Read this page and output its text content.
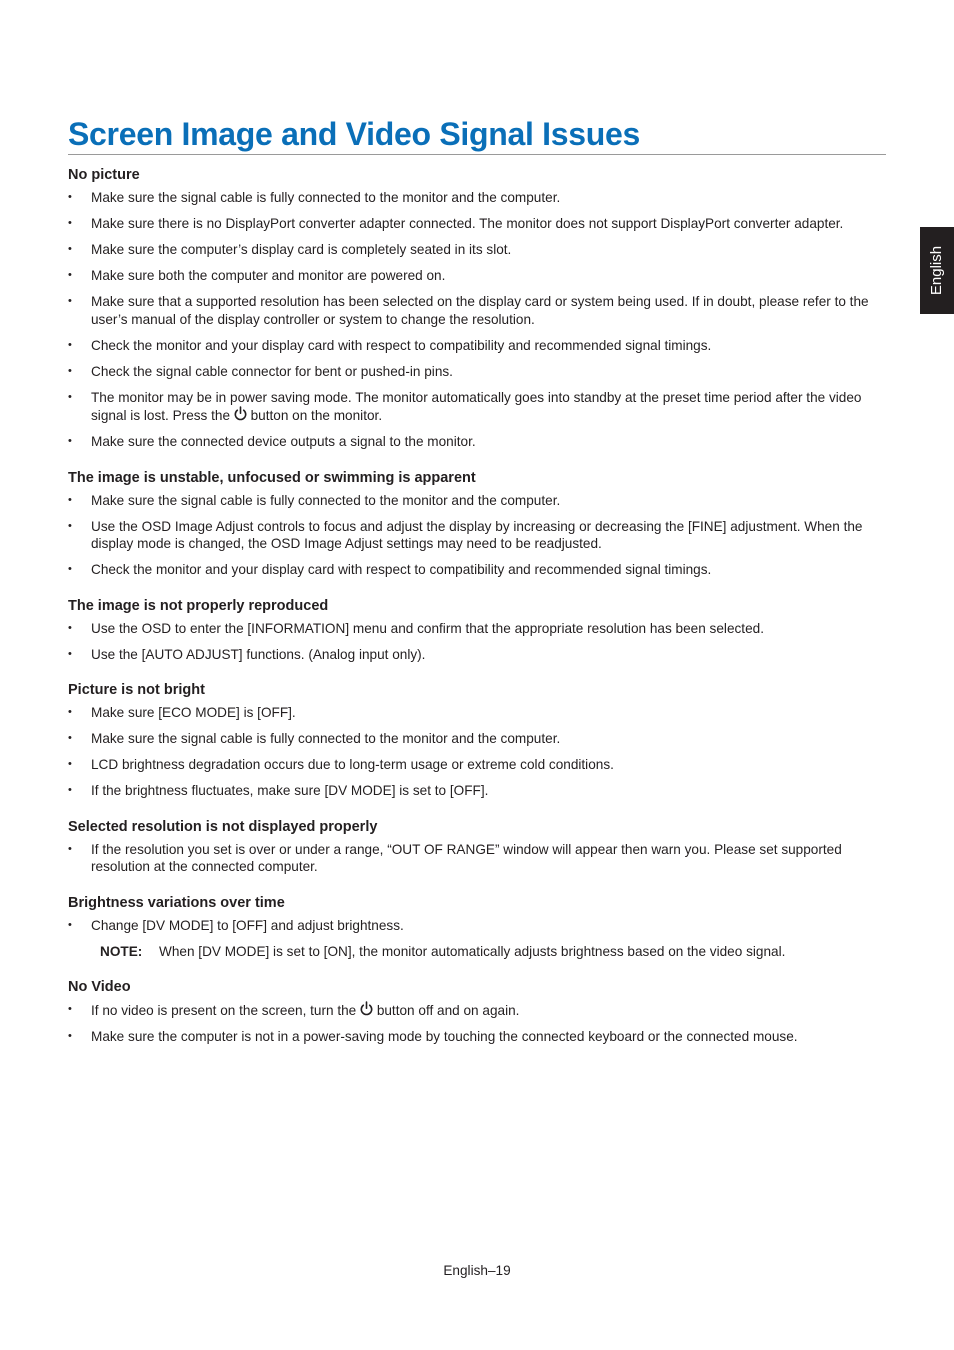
Screen Image and Video Signal Issues
English
No picture
• Make sure the signal cable is fully connected to the monitor and the computer.
• Make sure there is no DisplayPort converter adapter connected. The monitor does not support DisplayPort converter adapter.
• Make sure the computer’s display card is completely seated in its slot.
• Make sure both the computer and monitor are powered on.
• Make sure that a supported resolution has been selected on the display card or system being used. If in doubt, please refer to the user’s manual of the display controller or system to change the resolution.
• Check the monitor and your display card with respect to compatibility and recommended signal timings.
• Check the signal cable connector for bent or pushed-in pins.
• The monitor may be in power saving mode. The monitor automatically goes into standby at the preset time period after the video signal is lost. Press the button on the monitor.
• Make sure the connected device outputs a signal to the monitor.
The image is unstable, unfocused or swimming is apparent
• Make sure the signal cable is fully connected to the monitor and the computer.
• Use the OSD Image Adjust controls to focus and adjust the display by increasing or decreasing the [FINE] adjustment. When the display mode is changed, the OSD Image Adjust settings may need to be readjusted.
• Check the monitor and your display card with respect to compatibility and recommended signal timings.
The image is not properly reproduced
• Use the OSD to enter the [INFORMATION] menu and confirm that the appropriate resolution has been selected.
• Use the [AUTO ADJUST] functions. (Analog input only).
Picture is not bright
• Make sure [ECO MODE] is [OFF].
• Make sure the signal cable is fully connected to the monitor and the computer.
• LCD brightness degradation occurs due to long-term usage or extreme cold conditions.
• If the brightness fluctuates, make sure [DV MODE] is set to [OFF].
Selected resolution is not displayed properly
• If the resolution you set is over or under a range, “OUT OF RANGE” window will appear then warn you. Please set supported resolution at the connected computer.
Brightness variations over time
• Change [DV MODE] to [OFF] and adjust brightness.
NOTE: When [DV MODE] is set to [ON], the monitor automatically adjusts brightness based on the video signal.
No Video
• If no video is present on the screen, turn the button off and on again.
• Make sure the computer is not in a power-saving mode by touching the connected keyboard or the connected mouse.
English–19
